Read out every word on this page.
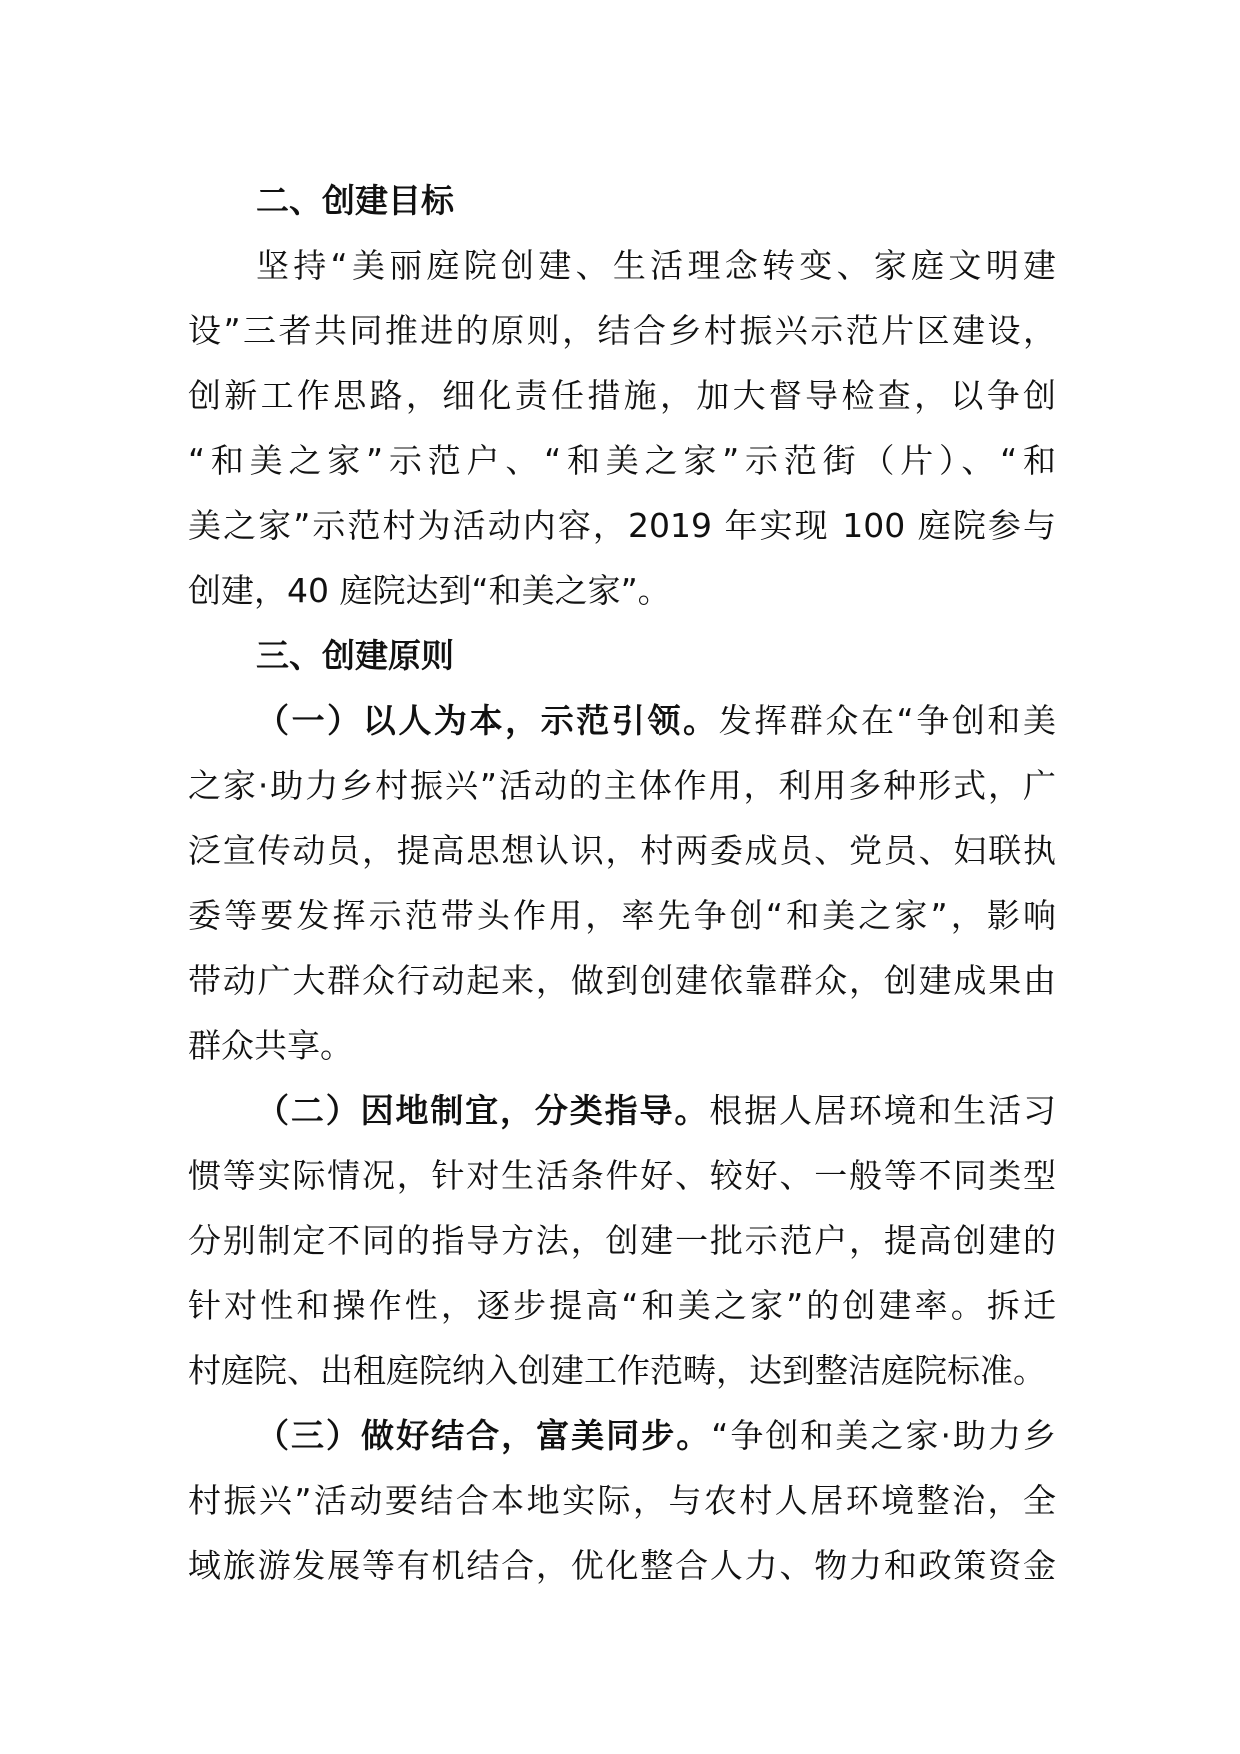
二、创建目标
坚持“美丽庭院创建、生活理念转变、家庭文明建
设”三者共同推进的原则，结合乡村振兴示范片区建设，
创新工作思路，细化责任措施，加大督导检查，以争创
“和美之家”示范户、“和美之家”示范街（片）、“和
美之家”示范村为活动内容，2019 年实现 100 庭院参与
创建，40 庭院达到“和美之家”。
三、创建原则
（一）以人为本，示范引领。发挥群众在“争创和美
之家·助力乡村振兴”活动的主体作用，利用多种形式，广
泛宣传动员，提高思想认识，村两委成员、党员、妇联执
委等要发挥示范带头作用，率先争创“和美之家”，影响
带动广大群众行动起来，做到创建依靠群众，创建成果由
群众共享。
（二）因地制宜，分类指导。根据人居环境和生活习
惯等实际情况，针对生活条件好、较好、一般等不同类型
分别制定不同的指导方法，创建一批示范户，提高创建的
针对性和操作性，逐步提高“和美之家”的创建率。拆迁
村庭院、出租庭院纳入创建工作范畴，达到整洁庭院标准。
（三）做好结合，富美同步。“争创和美之家·助力乡
村振兴”活动要结合本地实际，与农村人居环境整治，全
域旅游发展等有机结合，优化整合人力、物力和政策资金
